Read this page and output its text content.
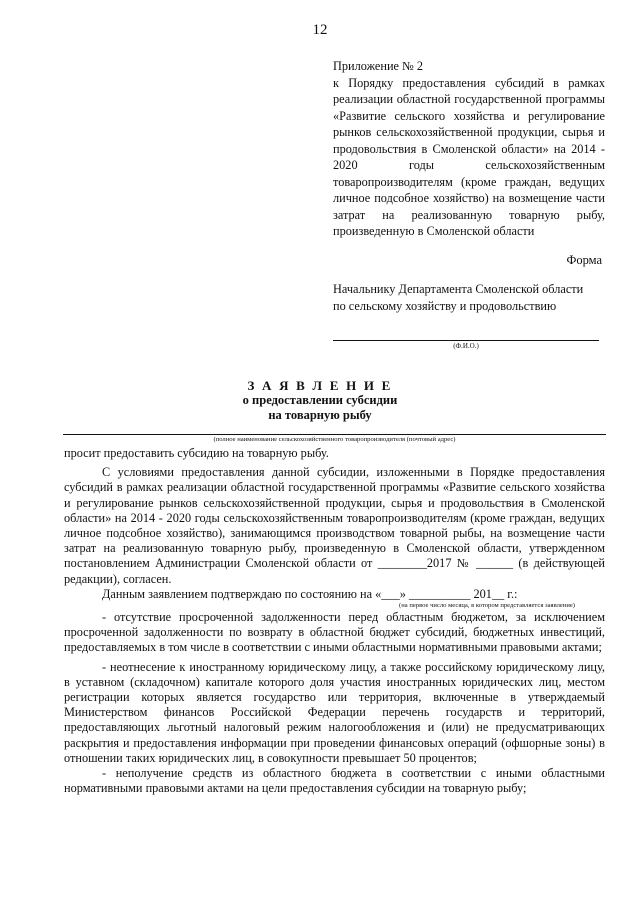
12
Приложение № 2
к Порядку предоставления субсидий в рамках реализации областной государственной программы «Развитие сельского хозяйства и регулирование рынков сельскохозяйственной продукции, сырья и продовольствия в Смоленской области» на 2014 - 2020 годы сельскохозяйственным товаропроизводителям (кроме граждан, ведущих личное подсобное хозяйство) на возмещение части затрат на реализованную товарную рыбу, произведенную в Смоленской области
Форма
Начальнику Департамента Смоленской области
по сельскому хозяйству и продовольствию
(Ф.И.О.)
З А Я В Л Е Н И Е
о предоставлении субсидии
на товарную рыбу
(полное наименование сельскохозяйственного товаропроизводителя (почтовый адрес)

просит предоставить субсидию на товарную рыбу.

С условиями предоставления данной субсидии, изложенными в Порядке предоставления субсидий в рамках реализации областной государственной программы «Развитие сельского хозяйства и регулирование рынков сельскохозяйственной продукции, сырья и продовольствия в Смоленской области» на 2014 - 2020 годы сельскохозяйственным товаропроизводителям (кроме граждан, ведущих личное подсобное хозяйство), занимающимся производством товарной рыбы, на возмещение части затрат на реализованную товарную рыбу, произведенную в Смоленской области, утвержденном постановлением Администрации Смоленской области от ________2017 № ______ (в действующей редакции), согласен.

Данным заявлением подтверждаю по состоянию на «___» __________ 201__ г.:

(на первое число месяца, в котором представляется заявление)

- отсутствие просроченной задолженности перед областным бюджетом, за исключением просроченной задолженности по возврату в областной бюджет субсидий, бюджетных инвестиций, предоставляемых в том числе в соответствии с иными областными нормативными правовыми актами;

- неотнесение к иностранному юридическому лицу, а также российскому юридическому лицу, в уставном (складочном) капитале которого доля участия иностранных юридических лиц, местом регистрации которых является государство или территория, включенные в утверждаемый Министерством финансов Российской Федерации перечень государств и территорий, предоставляющих льготный налоговый режим налогообложения и (или) не предусматривающих раскрытия и предоставления информации при проведении финансовых операций (офшорные зоны) в отношении таких юридических лиц, в совокупности превышает 50 процентов;

- неполучение средств из областного бюджета в соответствии с иными областными нормативными правовыми актами на цели предоставления субсидии на товарную рыбу;
